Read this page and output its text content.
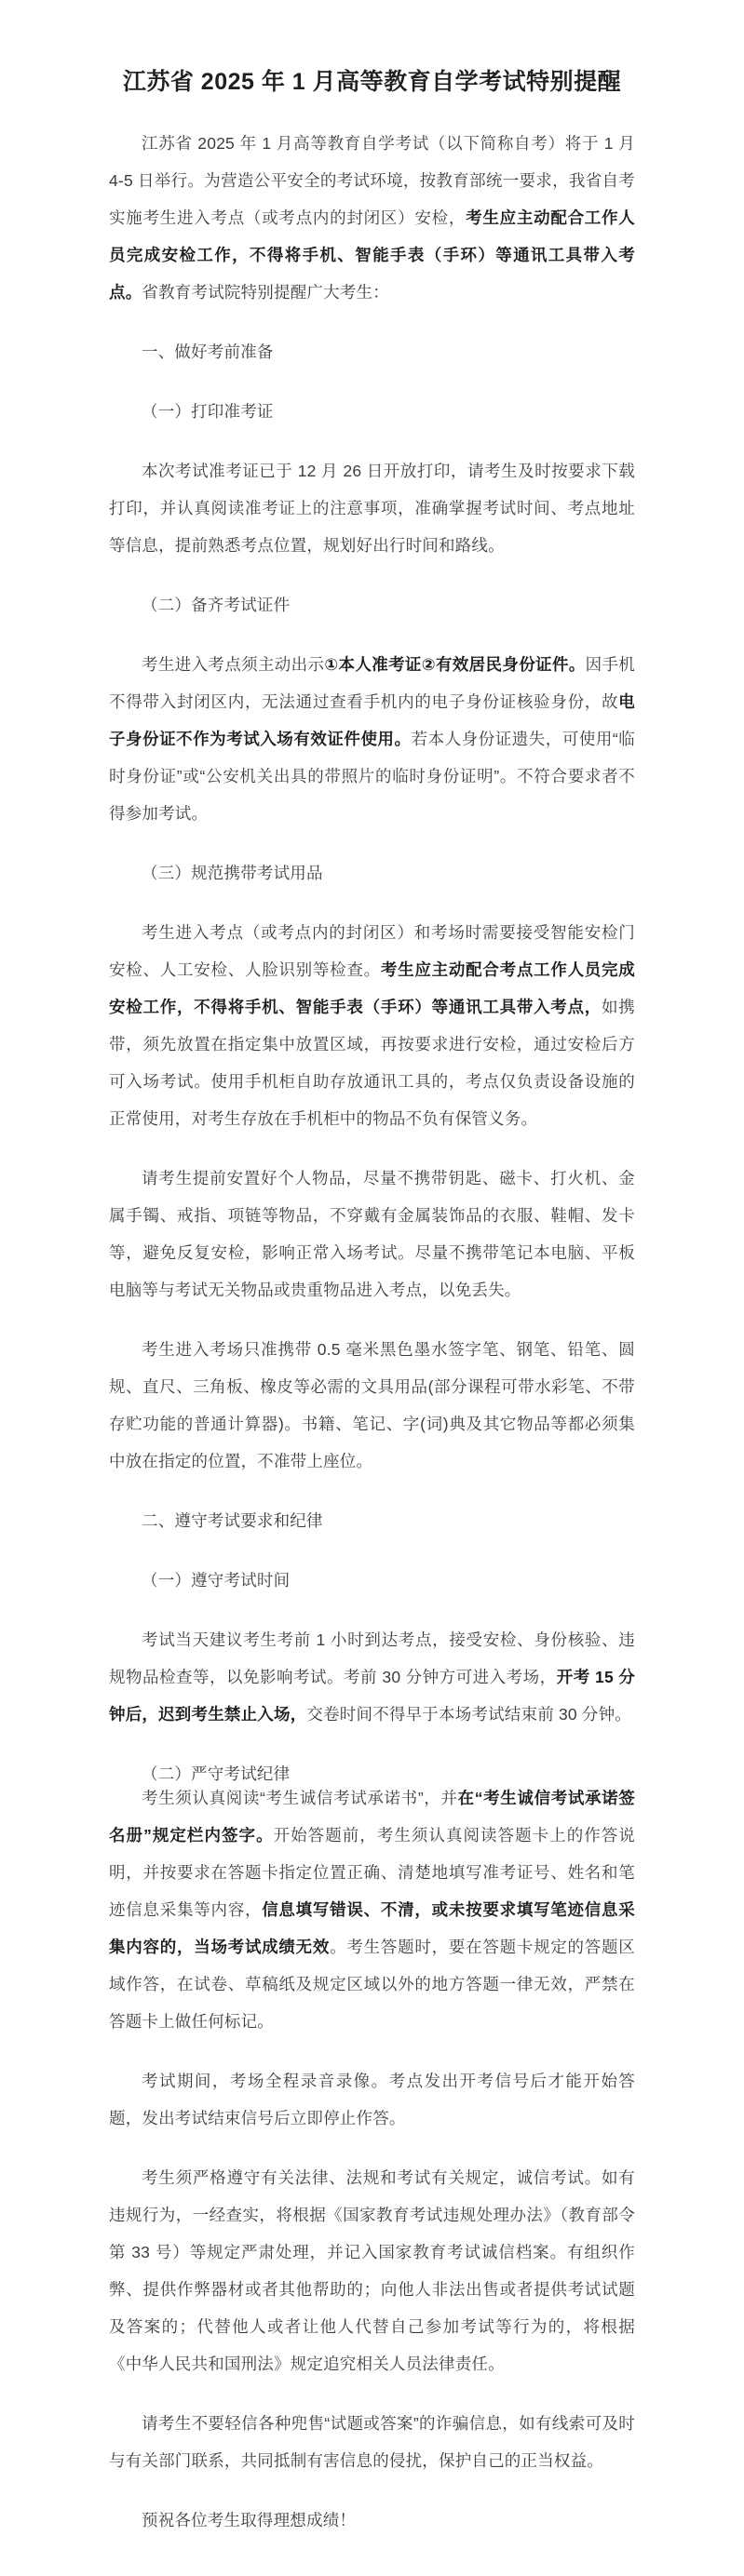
江苏省 2025 年 1 月高等教育自学考试特别提醒

江苏省 2025 年 1 月高等教育自学考试（以下简称自考）将于 1 月 4-5 日举行。为营造公平安全的考试环境，按教育部统一要求，我省自考实施考生进入考点（或考点内的封闭区）安检，考生应主动配合工作人员完成安检工作，不得将手机、智能手表（手环）等通讯工具带入考点。省教育考试院特别提醒广大考生：

一、做好考前准备

（一）打印准考证

本次考试准考证已于 12 月 26 日开放打印，请考生及时按要求下载打印，并认真阅读准考证上的注意事项，准确掌握考试时间、考点地址等信息，提前熟悉考点位置，规划好出行时间和路线。

（二）备齐考试证件

考生进入考点须主动出示①本人准考证②有效居民身份证件。因手机不得带入封闭区内，无法通过查看手机内的电子身份证核验身份，故电子身份证不作为考试入场有效证件使用。若本人身份证遗失，可使用“临时身份证”或“公安机关出具的带照片的临时身份证明”。不符合要求者不得参加考试。

（三）规范携带考试用品

考生进入考点（或考点内的封闭区）和考场时需要接受智能安检门安检、人工安检、人脸识别等检查。考生应主动配合考点工作人员完成安检工作，不得将手机、智能手表（手环）等通讯工具带入考点，如携带，须先放置在指定集中放置区域，再按要求进行安检，通过安检后方可入场考试。使用手机柜自助存放通讯工具的，考点仅负责设备设施的正常使用，对考生存放在手机柜中的物品不负有保管义务。

请考生提前安置好个人物品，尽量不携带钥匙、磁卡、打火机、金属手镯、戒指、项链等物品，不穿戴有金属装饰品的衣服、鞋帽、发卡等，避免反复安检，影响正常入场考试。尽量不携带笔记本电脑、平板电脑等与考试无关物品或贵重物品进入考点，以免丢失。

考生进入考场只准携带 0.5 毫米黑色墨水签字笔、钢笔、铅笔、圆规、直尺、三角板、橡皮等必需的文具用品(部分课程可带水彩笔、不带存贮功能的普通计算器)。书籍、笔记、字(词)典及其它物品等都必须集中放在指定的位置，不准带上座位。

二、遵守考试要求和纪律

（一）遵守考试时间

考试当天建议考生考前 1 小时到达考点，接受安检、身份核验、违规物品检查等，以免影响考试。考前 30 分钟方可进入考场，开考 15 分钟后，迟到考生禁止入场，交卷时间不得早于本场考试结束前 30 分钟。

（二）严守考试纪律

考生须认真阅读“考生诚信考试承诺书”，并在“考生诚信考试承诺签名册”规定栏内签字。开始答题前，考生须认真阅读答题卡上的作答说明，并按要求在答题卡指定位置正确、清楚地填写准考证号、姓名和笔迹信息采集等内容，信息填写错误、不清，或未按要求填写笔迹信息采集内容的，当场考试成绩无效。考生答题时，要在答题卡规定的答题区域作答，在试卷、草稿纸及规定区域以外的地方答题一律无效，严禁在答题卡上做任何标记。

考试期间，考场全程录音录像。考点发出开考信号后才能开始答题，发出考试结束信号后立即停止作答。

考生须严格遵守有关法律、法规和考试有关规定，诚信考试。如有违规行为，一经查实，将根据《国家教育考试违规处理办法》（教育部令第 33 号）等规定严肃处理，并记入国家教育考试诚信档案。有组织作弊、提供作弊器材或者其他帮助的；向他人非法出售或者提供考试试题及答案的；代替他人或者让他人代替自己参加考试等行为的，将根据《中华人民共和国刑法》规定追究相关人员法律责任。

请考生不要轻信各种兜售“试题或答案”的诈骗信息，如有线索可及时与有关部门联系，共同抵制有害信息的侵扰，保护自己的正当权益。

预祝各位考生取得理想成绩！
